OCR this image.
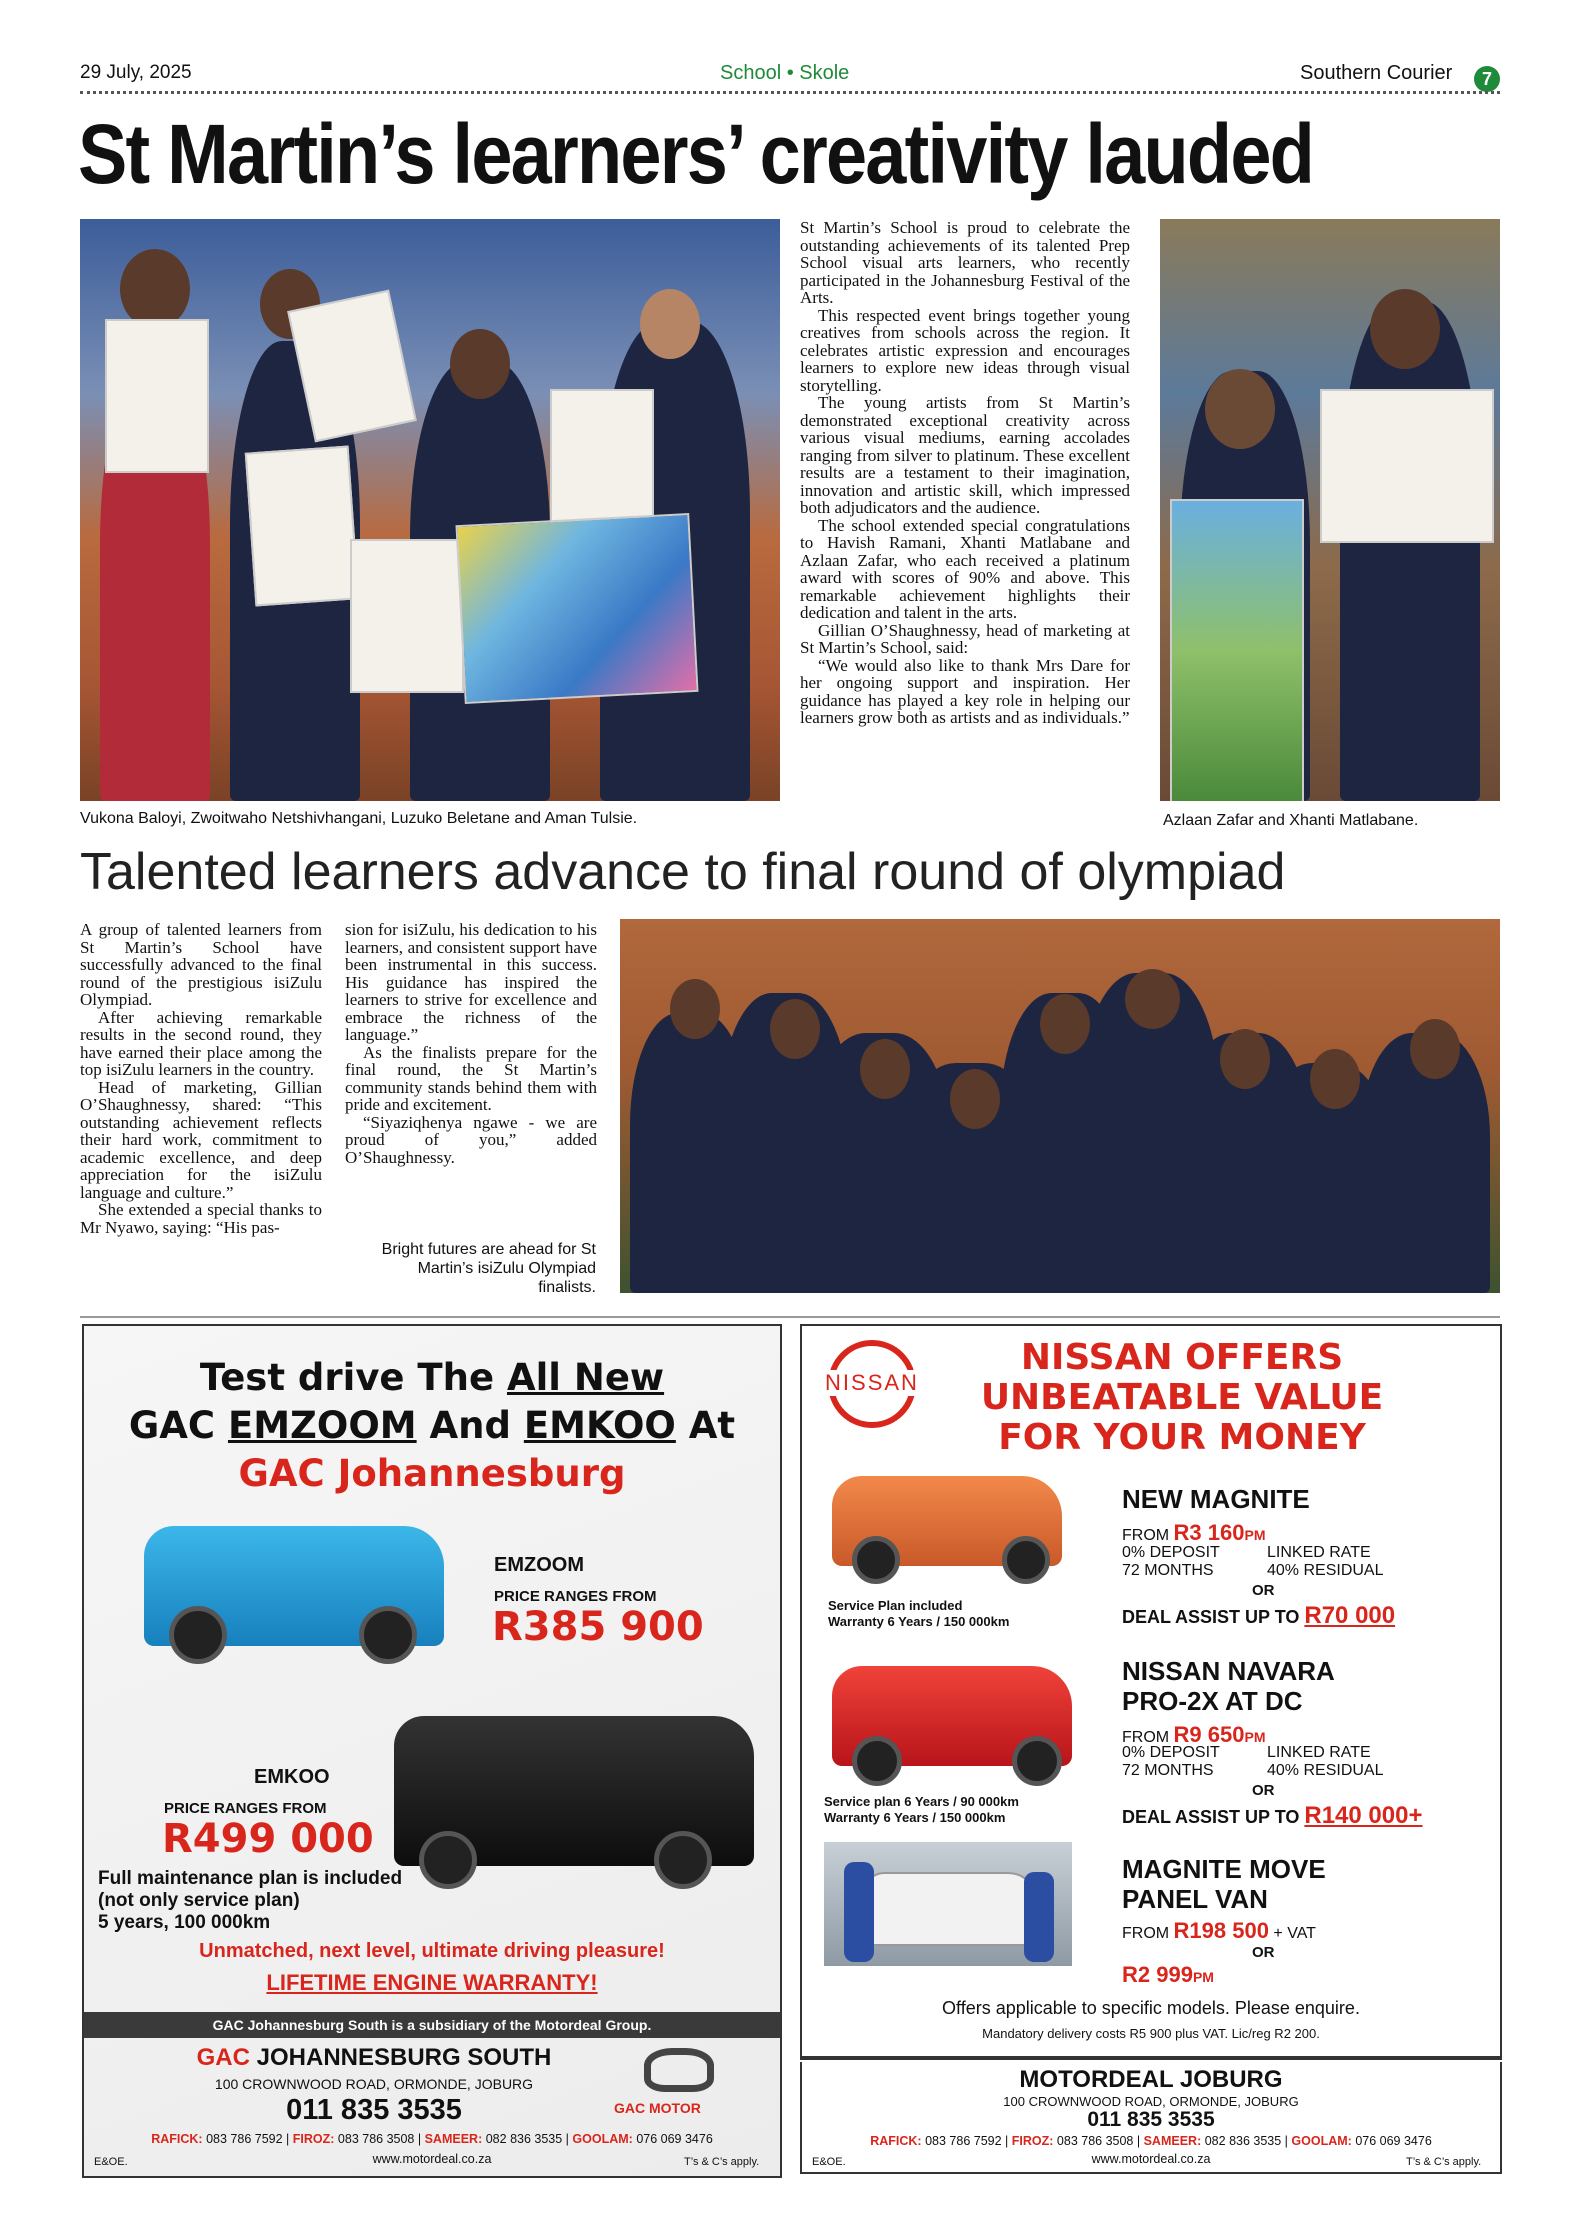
29 July, 2025	School • Skole	Southern Courier	7
St Martin’s learners’ creativity lauded
Vukona Baloyi, Zwoitwaho Netshivhangani, Luzuko Beletane and Aman Tulsie.

St Martin’s School is proud to celebrate the outstanding achievements of its talented Prep School visual arts learners, who recently participated in the Johannesburg Festival of the Arts.

This respected event brings together young creatives from schools across the region. It celebrates artistic expression and encourages learners to explore new ideas through visual storytelling.

The young artists from St Martin’s demonstrated exceptional creativity across various visual mediums, earning accolades ranging from silver to platinum. These excellent results are a testament to their imagination, innovation and artistic skill, which impressed both adjudicators and the audience.

The school extended special congratulations to Havish Ramani, Xhanti Matlabane and Azlaan Zafar, who each received a platinum award with scores of 90% and above. This remarkable achievement highlights their dedication and talent in the arts.

Gillian O’Shaughnessy, head of marketing at St Martin’s School, said:

“We would also like to thank Mrs Dare for her ongoing support and inspiration. Her guidance has played a key role in helping our learners grow both as artists and as individuals.”

Azlaan Zafar and Xhanti Matlabane.
Talented learners advance to final round of olympiad

A group of talented learners from St Martin’s School have successfully advanced to the final round of the prestigious isiZulu Olympiad.

After achieving remarkable results in the second round, they have earned their place among the top isiZulu learners in the country.

Head of marketing, Gillian O’Shaughnessy, shared: “This outstanding achievement reflects their hard work, commitment to academic excellence, and deep appreciation for the isiZulu language and culture.”

She extended a special thanks to Mr Nyawo, saying: “His pas-

sion for isiZulu, his dedication to his learners, and consistent support have been instrumental in this success. His guidance has inspired the learners to strive for excellence and embrace the richness of the language.”

As the finalists prepare for the final round, the St Martin’s community stands behind them with pride and excitement.

“Siyaziqhenya ngawe - we are proud of you,” added O’Shaughnessy.

Bright futures are ahead for St Martin’s isiZulu Olympiad finalists.
Test drive The All New
GAC EMZOOM And EMKOO At
GAC Johannesburg
EMZOOM
PRICE RANGES FROM
R385 900
EMKOO
PRICE RANGES FROM
R499 000
Full maintenance plan is included
(not only service plan)
5 years, 100 000km
Unmatched, next level, ultimate driving pleasure!
LIFETIME ENGINE WARRANTY!
GAC Johannesburg South is a subsidiary of the Motordeal Group.
GAC JOHANNESBURG SOUTH
100 CROWNWOOD ROAD, ORMONDE, JOBURG
011 835 3535	GAC MOTOR
RAFICK: 083 786 7592 | FIROZ: 083 786 3508 | SAMEER: 082 836 3535 | GOOLAM: 076 069 3476
www.motordeal.co.za
E&OE.	T’s & C’s apply.
NISSAN
NISSAN OFFERS
UNBEATABLE VALUE
FOR YOUR MONEY
Service Plan included
Warranty 6 Years / 150 000km
NEW MAGNITE
FROM R3 160PM
0% DEPOSIT	LINKED RATE
72 MONTHS	40% RESIDUAL
OR
DEAL ASSIST UP TO R70 000
Service plan 6 Years / 90 000km
Warranty 6 Years / 150 000km
NISSAN NAVARA
PRO-2X AT DC
FROM R9 650PM
0% DEPOSIT	LINKED RATE
72 MONTHS	40% RESIDUAL
OR
DEAL ASSIST UP TO R140 000+
MAGNITE MOVE
PANEL VAN
FROM R198 500 + VAT
OR
R2 999PM
Offers applicable to specific models. Please enquire.
Mandatory delivery costs R5 900 plus VAT. Lic/reg R2 200.
MOTORDEAL JOBURG
100 CROWNWOOD ROAD, ORMONDE, JOBURG
011 835 3535
RAFICK: 083 786 7592 | FIROZ: 083 786 3508 | SAMEER: 082 836 3535 | GOOLAM: 076 069 3476
www.motordeal.co.za
E&OE.	T’s & C’s apply.
